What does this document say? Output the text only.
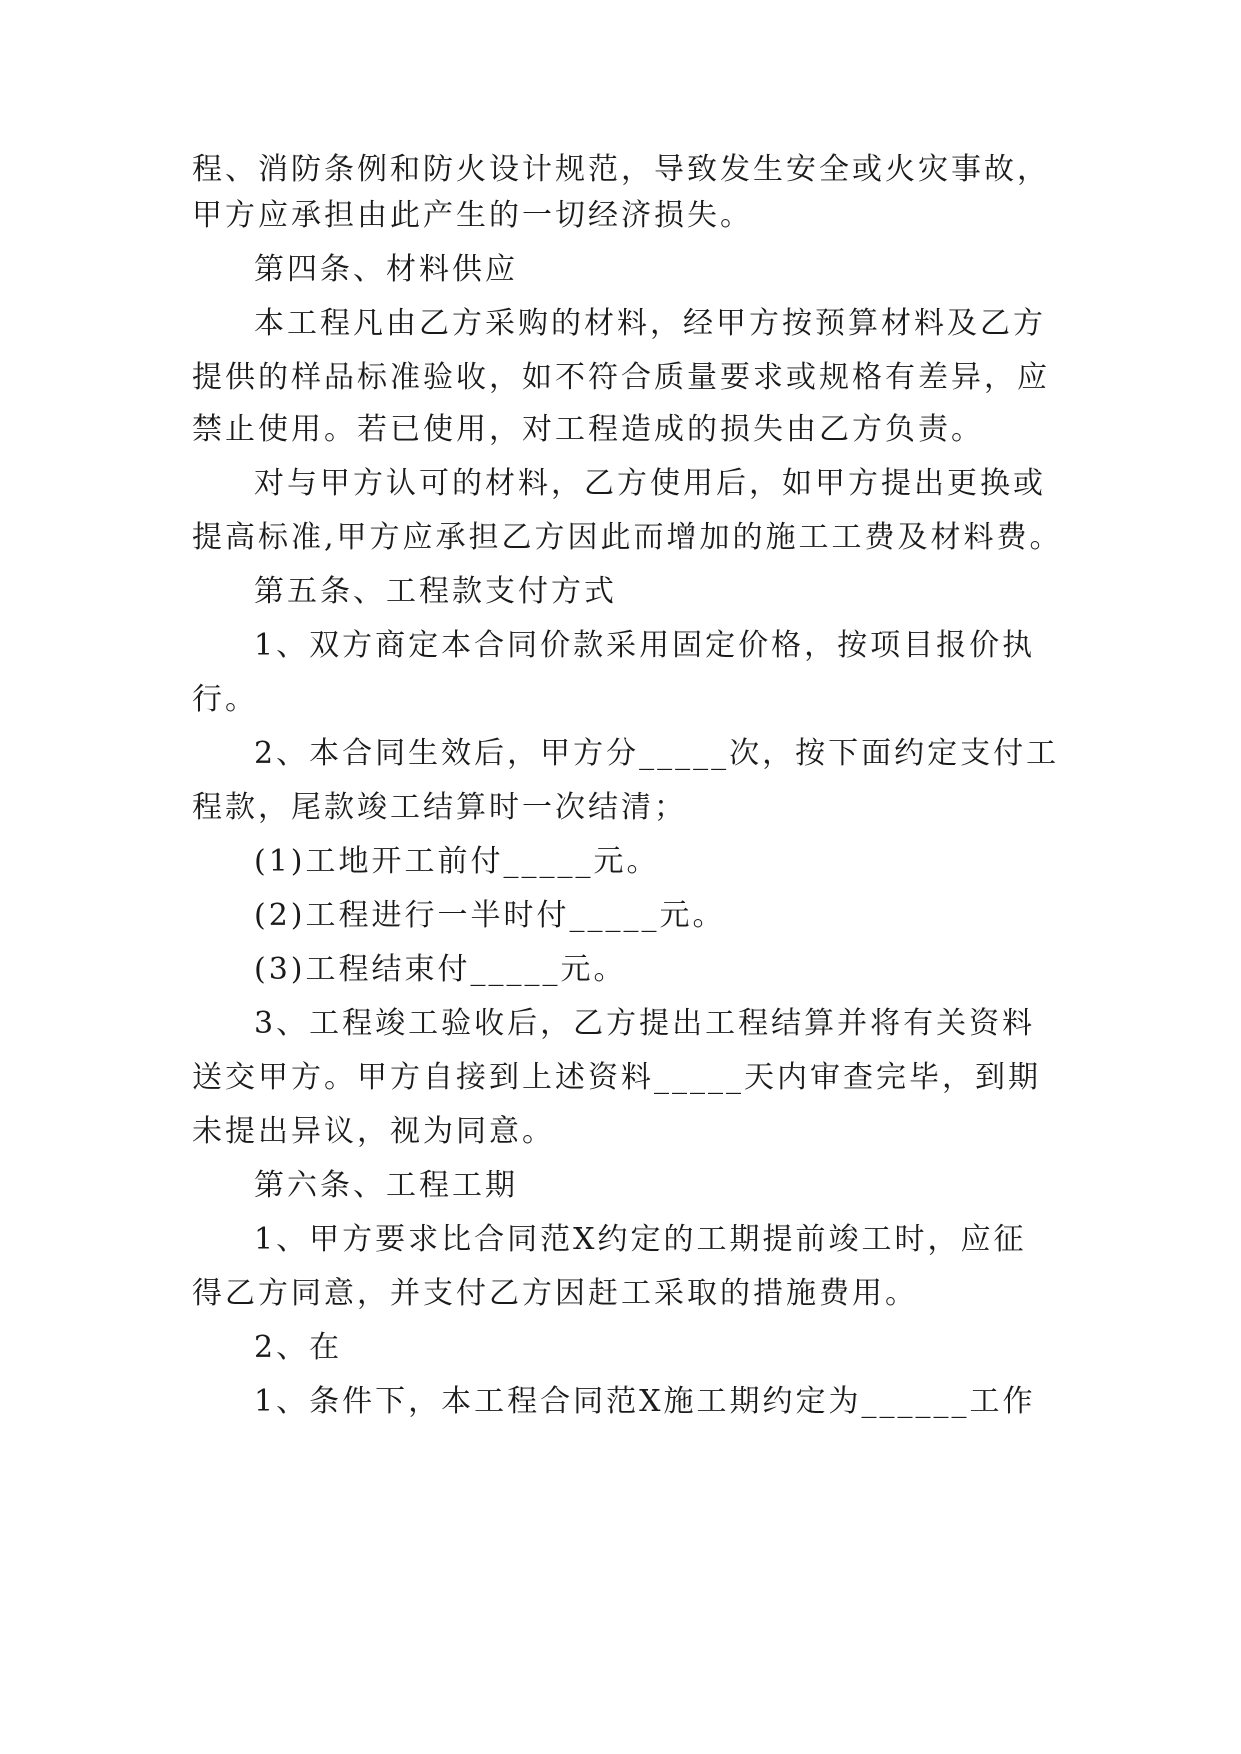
程、消防条例和防火设计规范，导致发生安全或火灾事故，

甲方应承担由此产生的一切经济损失。

第四条、材料供应

本工程凡由乙方采购的材料，经甲方按预算材料及乙方

提供的样品标准验收，如不符合质量要求或规格有差异，应

禁止使用。若已使用，对工程造成的损失由乙方负责。

对与甲方认可的材料，乙方使用后，如甲方提出更换或

提高标准,甲方应承担乙方因此而增加的施工工费及材料费。

第五条、工程款支付方式

1、双方商定本合同价款采用固定价格，按项目报价执

行。

2、本合同生效后，甲方分_____次，按下面约定支付工

程款，尾款竣工结算时一次结清；

(1)工地开工前付_____元。

(2)工程进行一半时付_____元。

(3)工程结束付_____元。

3、工程竣工验收后，乙方提出工程结算并将有关资料

送交甲方。甲方自接到上述资料_____天内审查完毕，到期

未提出异议，视为同意。

第六条、工程工期

1、甲方要求比合同范X约定的工期提前竣工时，应征

得乙方同意，并支付乙方因赶工采取的措施费用。

2、在

1、条件下，本工程合同范X施工期约定为______工作
